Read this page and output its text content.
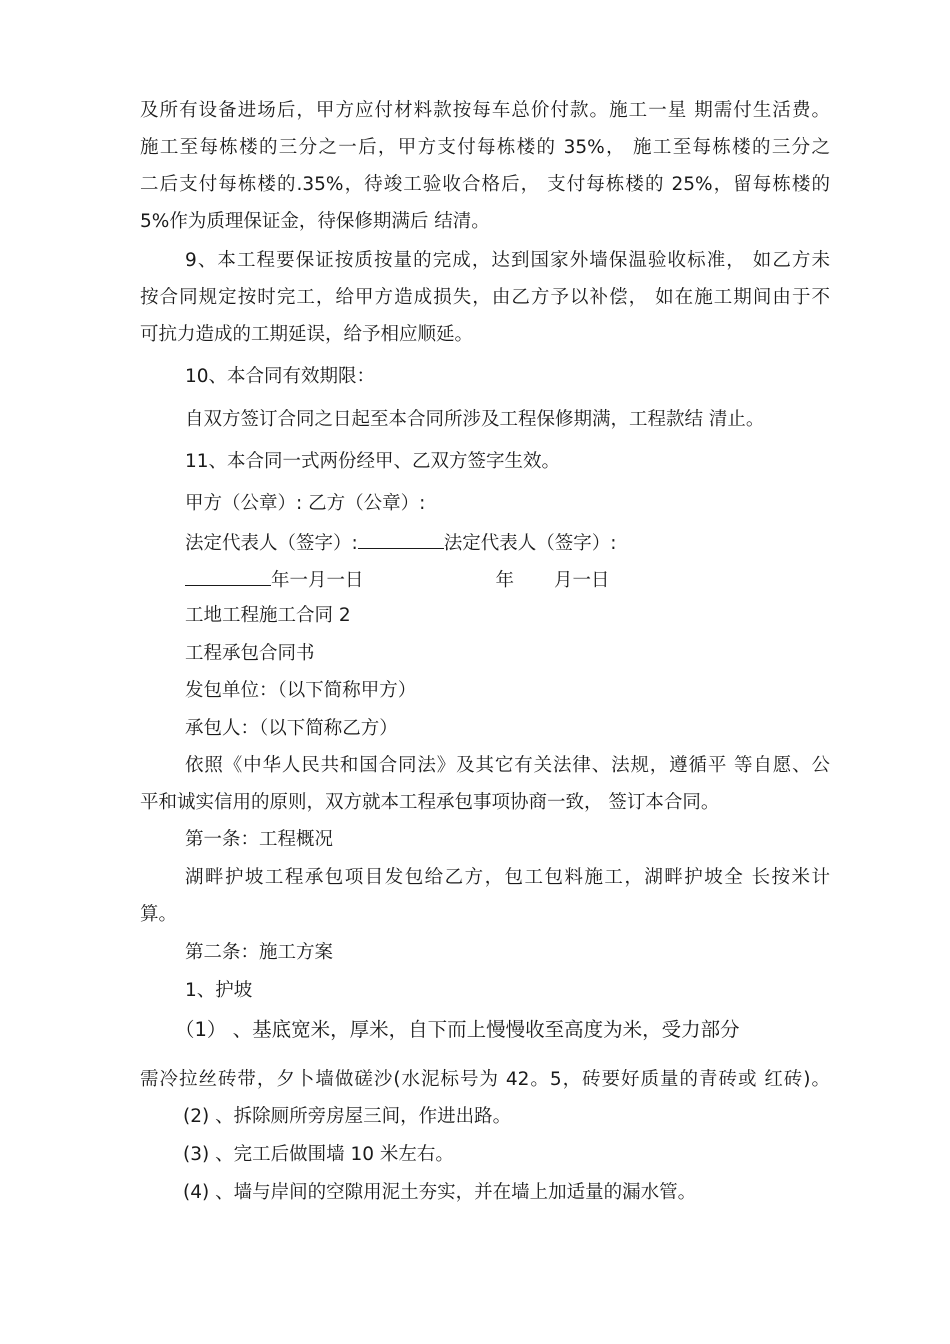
及所有设备进场后，甲方应付材料款按每车总价付款。施工一星 期需付生活费。
施工至每栋楼的三分之一后，甲方支付每栋楼的 35%， 施工至每栋楼的三分之
二后支付每栋楼的.35%，待竣工验收合格后， 支付每栋楼的 25%，留每栋楼的
5%作为质理保证金，待保修期满后 结清。
9、本工程要保证按质按量的完成，达到国家外墙保温验收标准， 如乙方未
按合同规定按时完工，给甲方造成损失，由乙方予以补偿， 如在施工期间由于不
可抗力造成的工期延误，给予相应顺延。
10、本合同有效期限：
自双方签订合同之日起至本合同所涉及工程保修期满，工程款结 清止。
11、本合同一式两份经甲、乙双方签字生效。
甲方（公章）: 乙方（公章）:
法定代表人（签字）:	法定代表人（签字）:
年一月一日	年 月一日
工地工程施工合同 2
工程承包合同书
发包单位：（以下简称甲方）
承包人：（以下简称乙方）
依照《中华人民共和国合同法》及其它有关法律、法规，遵循平 等自愿、公
平和诚实信用的原则，双方就本工程承包事项协商一致， 签订本合同。
第一条：工程概况
湖畔护坡工程承包项目发包给乙方，包工包料施工，湖畔护坡全 长按米计
算。
第二条：施工方案
1、护坡
（1） 、基底宽米，厚米，自下而上慢慢收至高度为米，受力部分
需冷拉丝砖带，夕卜墙做磋沙(水泥标号为 42。5，砖要好质量的青砖或 红砖)。
(2) 、拆除厕所旁房屋三间，作进出路。
(3) 、完工后做围墙 10 米左右。
(4) 、墙与岸间的空隙用泥土夯实，并在墙上加适量的漏水管。
